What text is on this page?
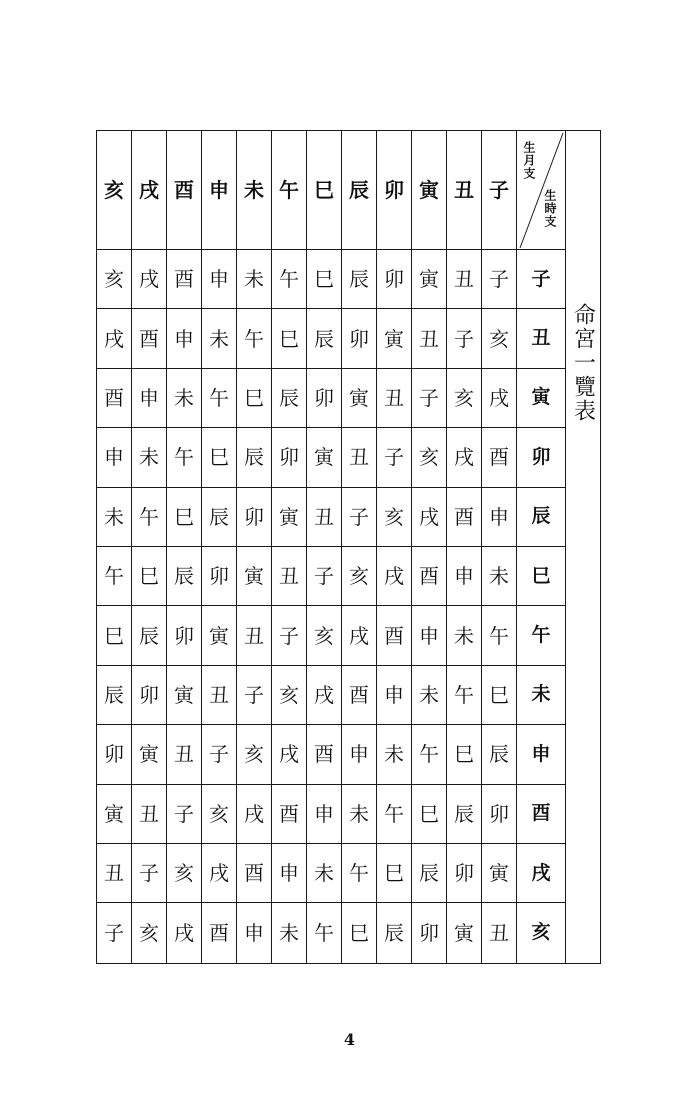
亥 戌 酉 申 未 午 巳 辰 卯 寅 丑 子
生月支
生時支
亥 戌 酉 申 未 午 巳 辰 卯 寅 丑 子	子
戌 酉 申 未 午 巳 辰 卯 寅 丑 子 亥	丑
酉 申 未 午 巳 辰 卯 寅 丑 子 亥 戌	寅
申 未 午 巳 辰 卯 寅 丑 子 亥 戌 酉	卯
未 午 巳 辰 卯 寅 丑 子 亥 戌 酉 申	辰
午 巳 辰 卯 寅 丑 子 亥 戌 酉 申 未	巳
巳 辰 卯 寅 丑 子 亥 戌 酉 申 未 午	午
辰 卯 寅 丑 子 亥 戌 酉 申 未 午 巳	未
卯 寅 丑 子 亥 戌 酉 申 未 午 巳 辰	申
寅 丑 子 亥 戌 酉 申 未 午 巳 辰 卯	酉
丑 子 亥 戌 酉 申 未 午 巳 辰 卯 寅	戌
子 亥 戌 酉 申 未 午 巳 辰 卯 寅 丑	亥
命宮一覽表
4
